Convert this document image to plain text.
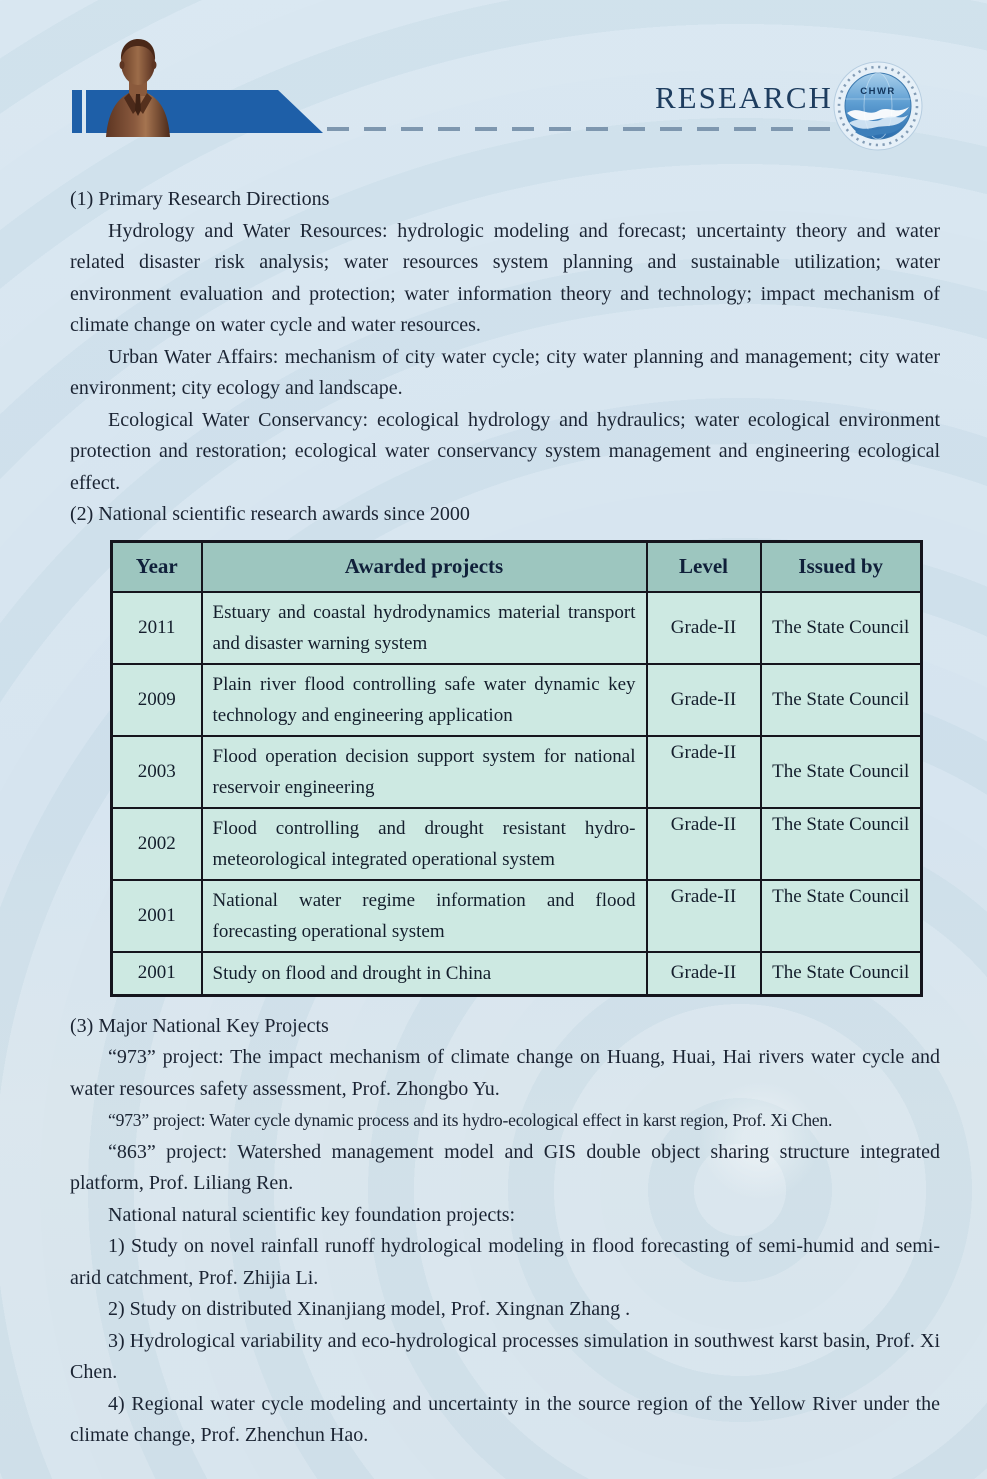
RESEARCH	CHWR

(1) Primary Research Directions

Hydrology and Water Resources: hydrologic modeling and forecast; uncertainty theory and water related disaster risk analysis; water resources system planning and sustainable utilization; water environment evaluation and protection; water information theory and technology; impact mechanism of climate change on water cycle and water resources.

Urban Water Affairs: mechanism of city water cycle; city water planning and management; city water environment; city ecology and landscape.

Ecological Water Conservancy: ecological hydrology and hydraulics; water ecological environment protection and restoration; ecological water conservancy system management and engineering ecological effect.

(2) National scientific research awards since 2000

Year	Awarded projects	Level	Issued by
2011	Estuary and coastal hydrodynamics material transport and disaster warning system	Grade-II	The State Council
2009	Plain river flood controlling safe water dynamic key technology and engineering application	Grade-II	The State Council
2003	Flood operation decision support system for national reservoir engineering	Grade-II	The State Council
2002	Flood controlling and drought resistant hydro-meteorological integrated operational system	Grade-II	The State Council
2001	National water regime information and flood forecasting operational system	Grade-II	The State Council
2001	Study on flood and drought in China	Grade-II	The State Council

(3) Major National Key Projects

“973” project: The impact mechanism of climate change on Huang, Huai, Hai rivers water cycle and water resources safety assessment, Prof. Zhongbo Yu.

“973” project: Water cycle dynamic process and its hydro-ecological effect in karst region, Prof. Xi Chen.

“863” project: Watershed management model and GIS double object sharing structure integrated platform, Prof. Liliang Ren.

National natural scientific key foundation projects:

1) Study on novel rainfall runoff hydrological modeling in flood forecasting of semi-humid and semi-arid catchment, Prof. Zhijia Li.

2) Study on distributed Xinanjiang model, Prof. Xingnan Zhang .

3) Hydrological variability and eco-hydrological processes simulation in southwest karst basin, Prof. Xi Chen.

4) Regional water cycle modeling and uncertainty in the source region of the Yellow River under the climate change, Prof. Zhenchun Hao.
